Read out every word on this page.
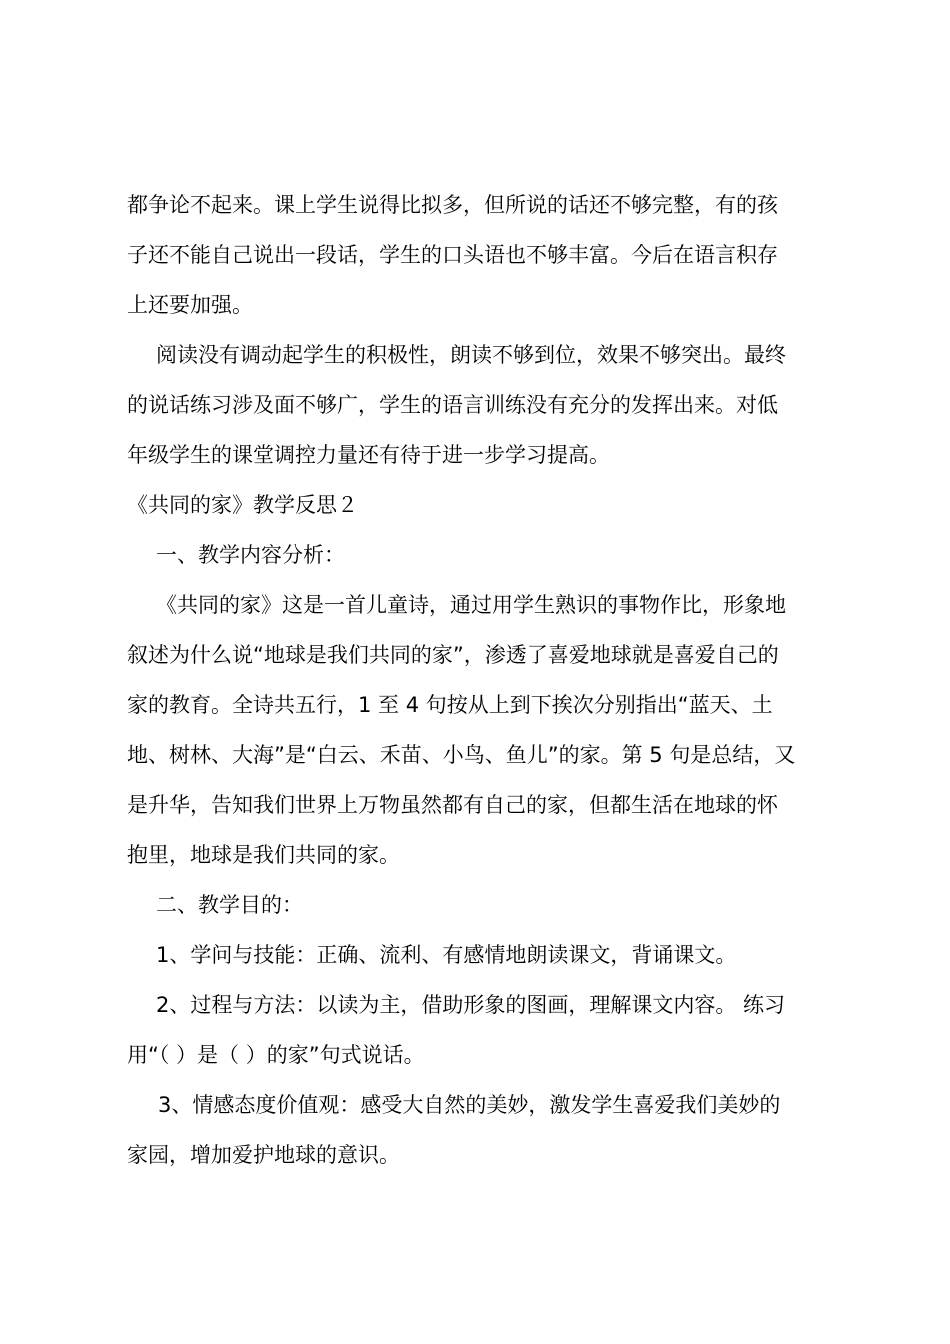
都争论不起来。课上学生说得比拟多，但所说的话还不够完整，有的孩
子还不能自己说出一段话，学生的口头语也不够丰富。今后在语言积存
上还要加强。

阅读没有调动起学生的积极性，朗读不够到位，效果不够突出。最终
的说话练习涉及面不够广，学生的语言训练没有充分的发挥出来。对低
年级学生的课堂调控力量还有待于进一步学习提高。

《共同的家》教学反思２

一、教学内容分析：

《共同的家》这是一首儿童诗，通过用学生熟识的事物作比，形象地
叙述为什么说“地球是我们共同的家”，渗透了喜爱地球就是喜爱自己的
家的教育。全诗共五行，1 至 4 句按从上到下挨次分别指出“蓝天、土
地、树林、大海”是“白云、禾苗、小鸟、鱼儿”的家。第 5 句是总结，又
是升华，告知我们世界上万物虽然都有自己的家，但都生活在地球的怀
抱里，地球是我们共同的家。

二、教学目的：

1、学问与技能：正确、流利、有感情地朗读课文，背诵课文。

2、过程与方法：以读为主，借助形象的图画，理解课文内容。 练习
用“（ ）是（ ）的家”句式说话。

3、情感态度价值观：感受大自然的美妙，激发学生喜爱我们美妙的
家园，增加爱护地球的意识。
